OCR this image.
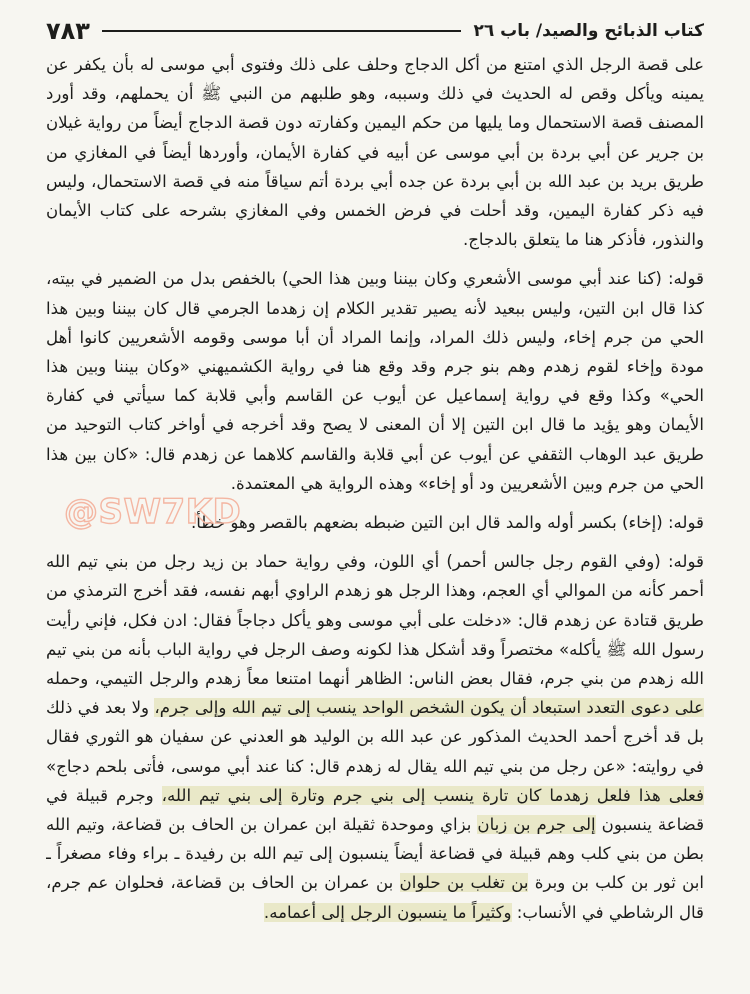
كتاب الذبائح والصيد/ باب ٢٦
٧٨٣

على قصة الرجل الذي امتنع من أكل الدجاج وحلف على ذلك وفتوى أبي موسى له بأن يكفر عن يمينه ويأكل وقص له الحديث في ذلك وسببه، وهو طلبهم من النبي ﷺ أن يحملهم، وقد أورد المصنف قصة الاستحمال وما يليها من حكم اليمين وكفارته دون قصة الدجاج أيضاً من رواية غيلان بن جرير عن أبي بردة بن أبي موسى عن أبيه في كفارة الأيمان، وأوردها أيضاً في المغازي من طريق بريد بن عبد الله بن أبي بردة عن جده أبي بردة أتم سياقاً منه في قصة الاستحمال، وليس فيه ذكر كفارة اليمين، وقد أحلت في فرض الخمس وفي المغازي بشرحه على كتاب الأيمان والنذور، فأذكر هنا ما يتعلق بالدجاج.

قوله: (كنا عند أبي موسى الأشعري وكان بيننا وبين هذا الحي) بالخفص بدل من الضمير في بيته، كذا قال ابن التين، وليس ببعيد لأنه يصير تقدير الكلام إن زهدما الجرمي قال كان بيننا وبين هذا الحي من جرم إخاء، وليس ذلك المراد، وإنما المراد أن أبا موسى وقومه الأشعريين كانوا أهل مودة وإخاء لقوم زهدم وهم بنو جرم وقد وقع هنا في رواية الكشميهني «وكان بيننا وبين هذا الحي» وكذا وقع في رواية إسماعيل عن أيوب عن القاسم وأبي قلابة كما سيأتي في كفارة الأيمان وهو يؤيد ما قال ابن التين إلا أن المعنى لا يصح وقد أخرجه في أواخر كتاب التوحيد من طريق عبد الوهاب الثقفي عن أيوب عن أبي قلابة والقاسم كلاهما عن زهدم قال: «كان بين هذا الحي من جرم وبين الأشعريين ود أو إخاء» وهذه الرواية هي المعتمدة.

قوله: (إخاء) بكسر أوله والمد قال ابن التين ضبطه بضعهم بالقصر وهو خطأ.

قوله: (وفي القوم رجل جالس أحمر) أي اللون، وفي رواية حماد بن زيد رجل من بني تيم الله أحمر كأنه من الموالي أي العجم، وهذا الرجل هو زهدم الراوي أبهم نفسه، فقد أخرج الترمذي من طريق قتادة عن زهدم قال: «دخلت على أبي موسى وهو يأكل دجاجاً فقال: ادن فكل، فإني رأيت رسول الله ﷺ يأكله» مختصراً وقد أشكل هذا لكونه وصف الرجل في رواية الباب بأنه من بني تيم الله زهدم من بني جرم، فقال بعض الناس: الظاهر أنهما امتنعا معاً زهدم والرجل التيمي، وحمله على دعوى التعدد استبعاد أن يكون الشخص الواحد ينسب إلى تيم الله وإلى جرم، ولا بعد في ذلك بل قد أخرج أحمد الحديث المذكور عن عبد الله بن الوليد هو العدني عن سفيان هو الثوري فقال في روايته: «عن رجل من بني تيم الله يقال له زهدم قال: كنا عند أبي موسى، فأتى بلحم دجاج» فعلى هذا فلعل زهدما كان تارة ينسب إلى بني جرم وتارة إلى بني تيم الله، وجرم قبيلة في قضاعة ينسبون إلى جرم بن زبان بزاي وموحدة ثقيلة ابن عمران بن الحاف بن قضاعة، وتيم الله بطن من بني كلب وهم قبيلة في قضاعة أيضاً ينسبون إلى تيم الله بن رفيدة ـ براء وفاء مصغراً ـ ابن ثور بن كلب بن وبرة بن تغلب بن حلوان بن عمران بن الحاف بن قضاعة، فحلوان عم جرم، قال الرشاطي في الأنساب: وكثيراً ما ينسبون الرجل إلى أعمامه.

@SW7KD
